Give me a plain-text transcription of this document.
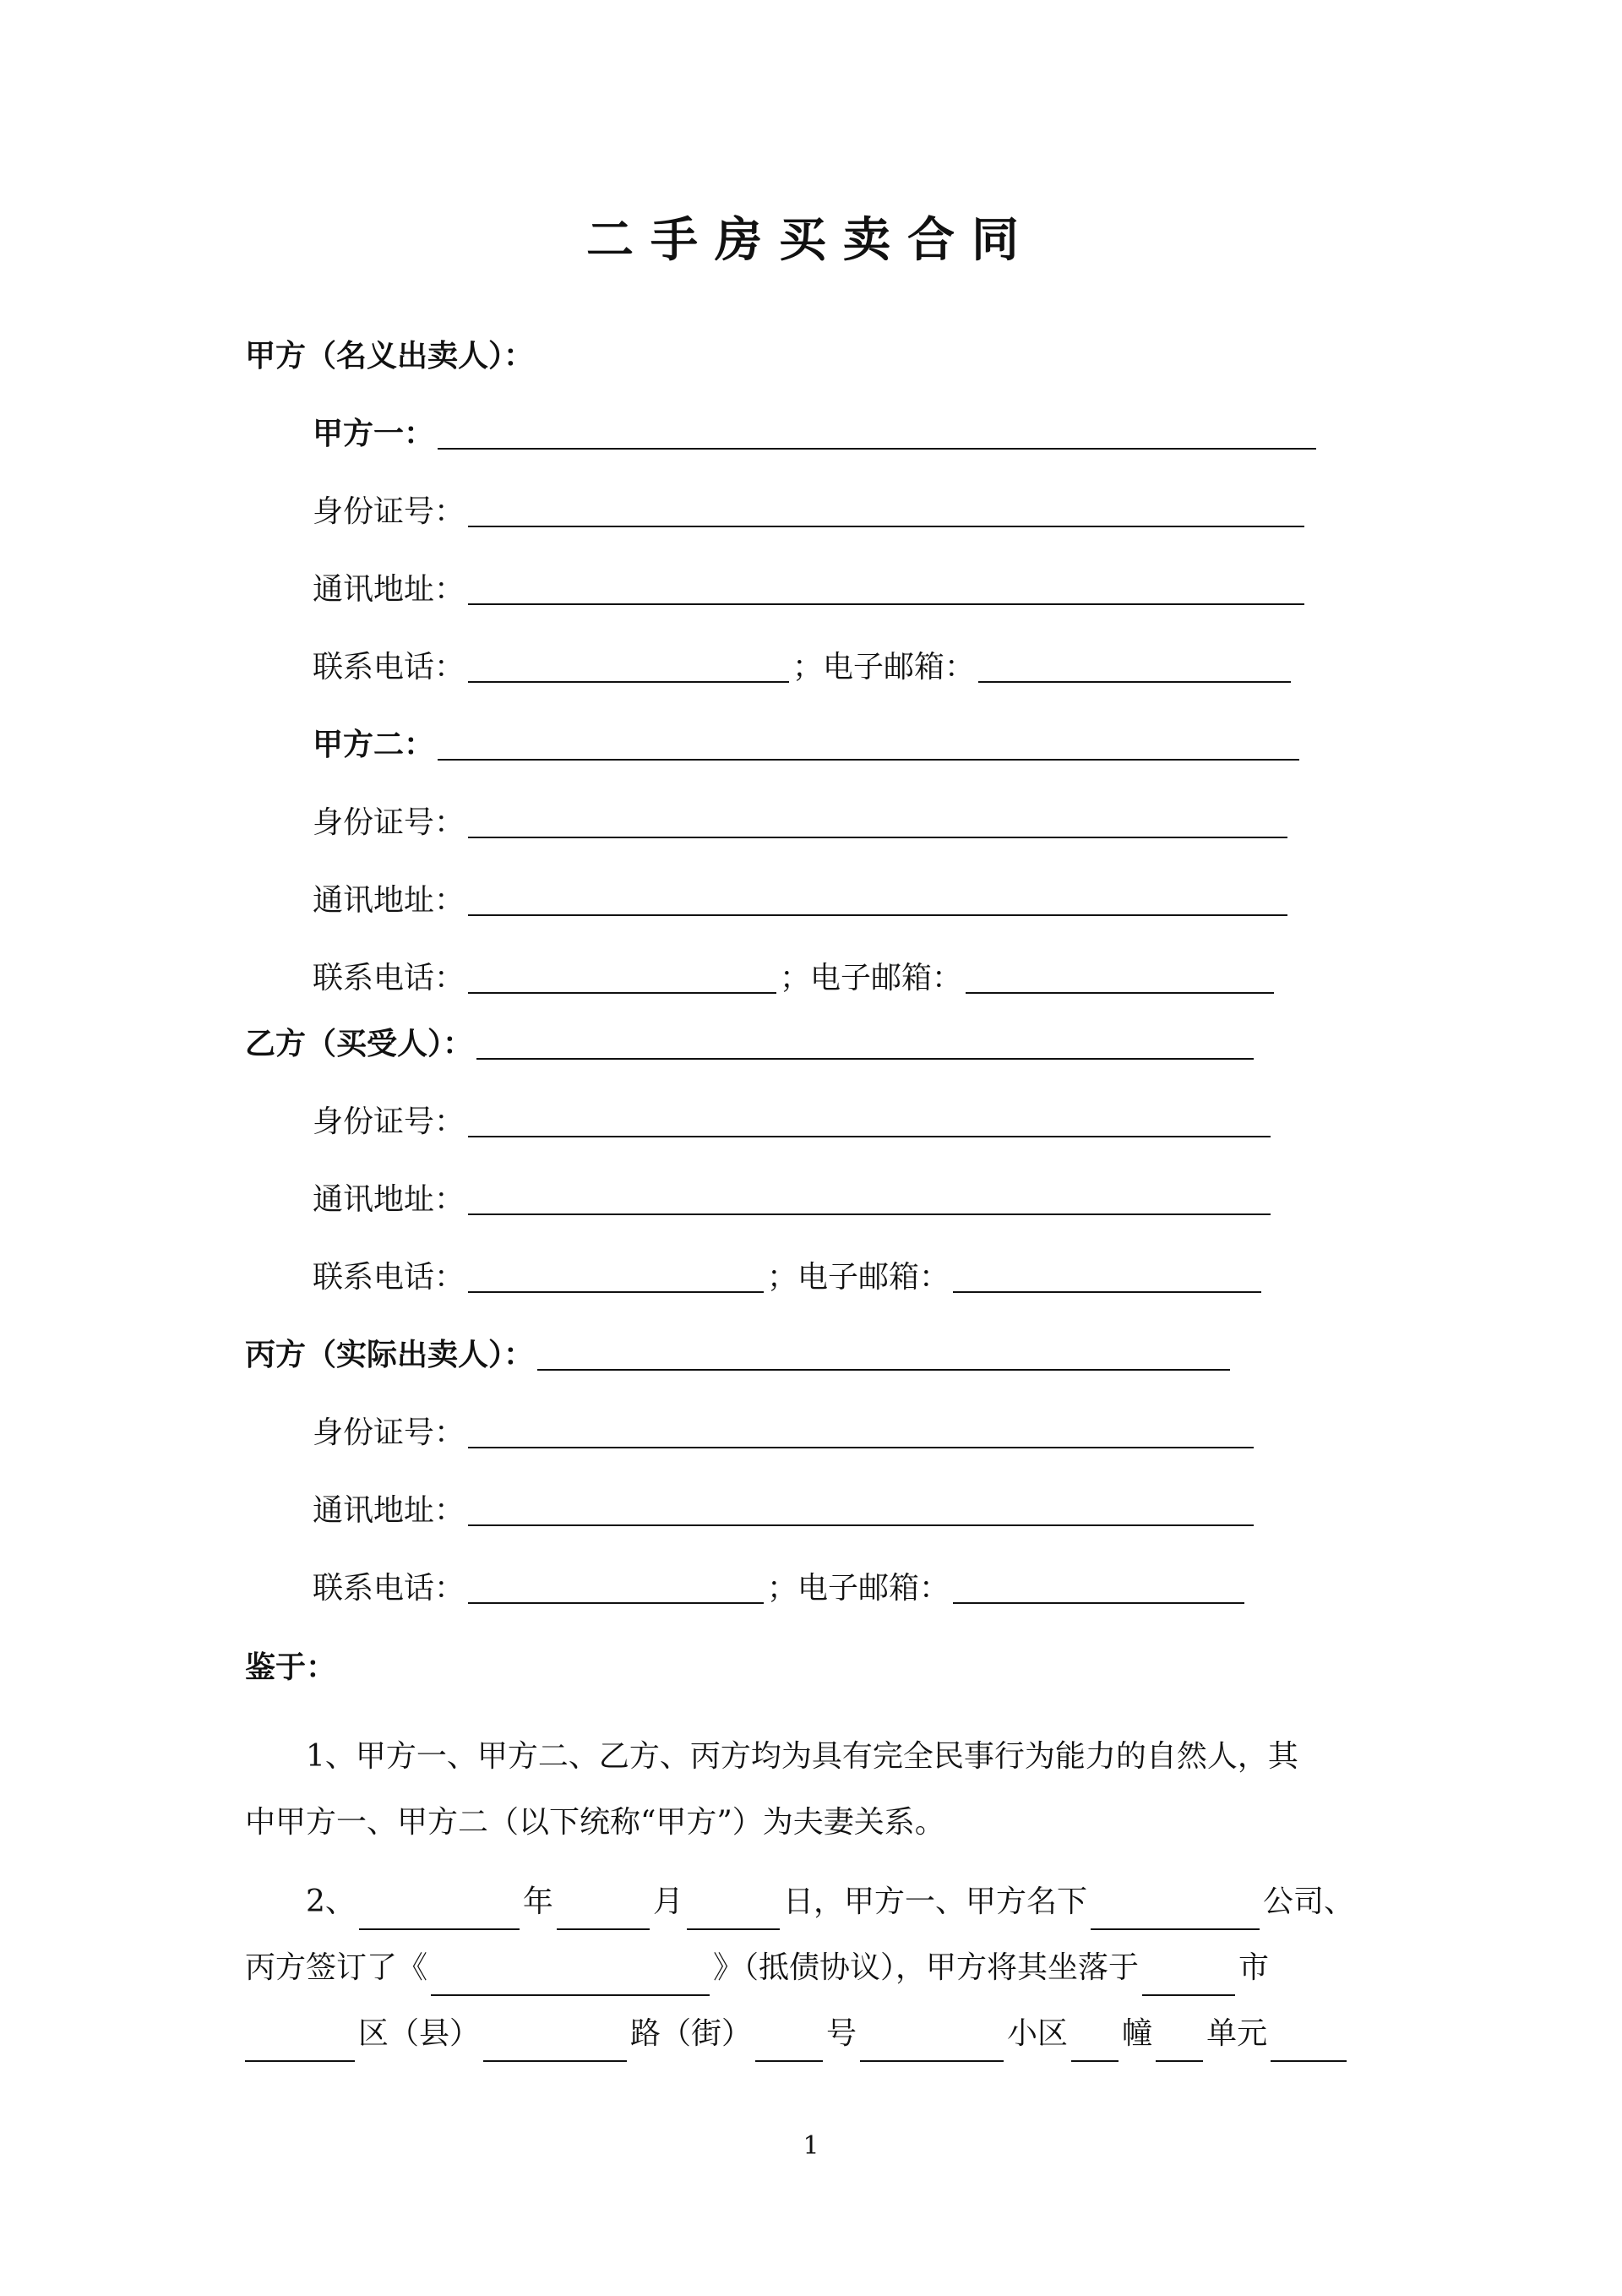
二手房买卖合同
甲方（名义出卖人）：
甲方一：
身份证号：
通讯地址：
联系电话：	； 电子邮箱：
甲方二：
身份证号：
通讯地址：
联系电话：	； 电子邮箱：
乙方（买受人）：
身份证号：
通讯地址：
联系电话：	； 电子邮箱：
丙方（实际出卖人）：
身份证号：
通讯地址：
联系电话：	； 电子邮箱：
鉴于：
1、甲方一、甲方二、乙方、丙方均为具有完全民事行为能力的自然人，其
中甲方一、甲方二（以下统称“甲方”）为夫妻关系。
2、	年	月	日，甲方一、甲方名下	公司、
丙方签订了《	》（抵债协议），甲方将其坐落于	市
区（县）	路（街） 号	小区 幢 单元
1
